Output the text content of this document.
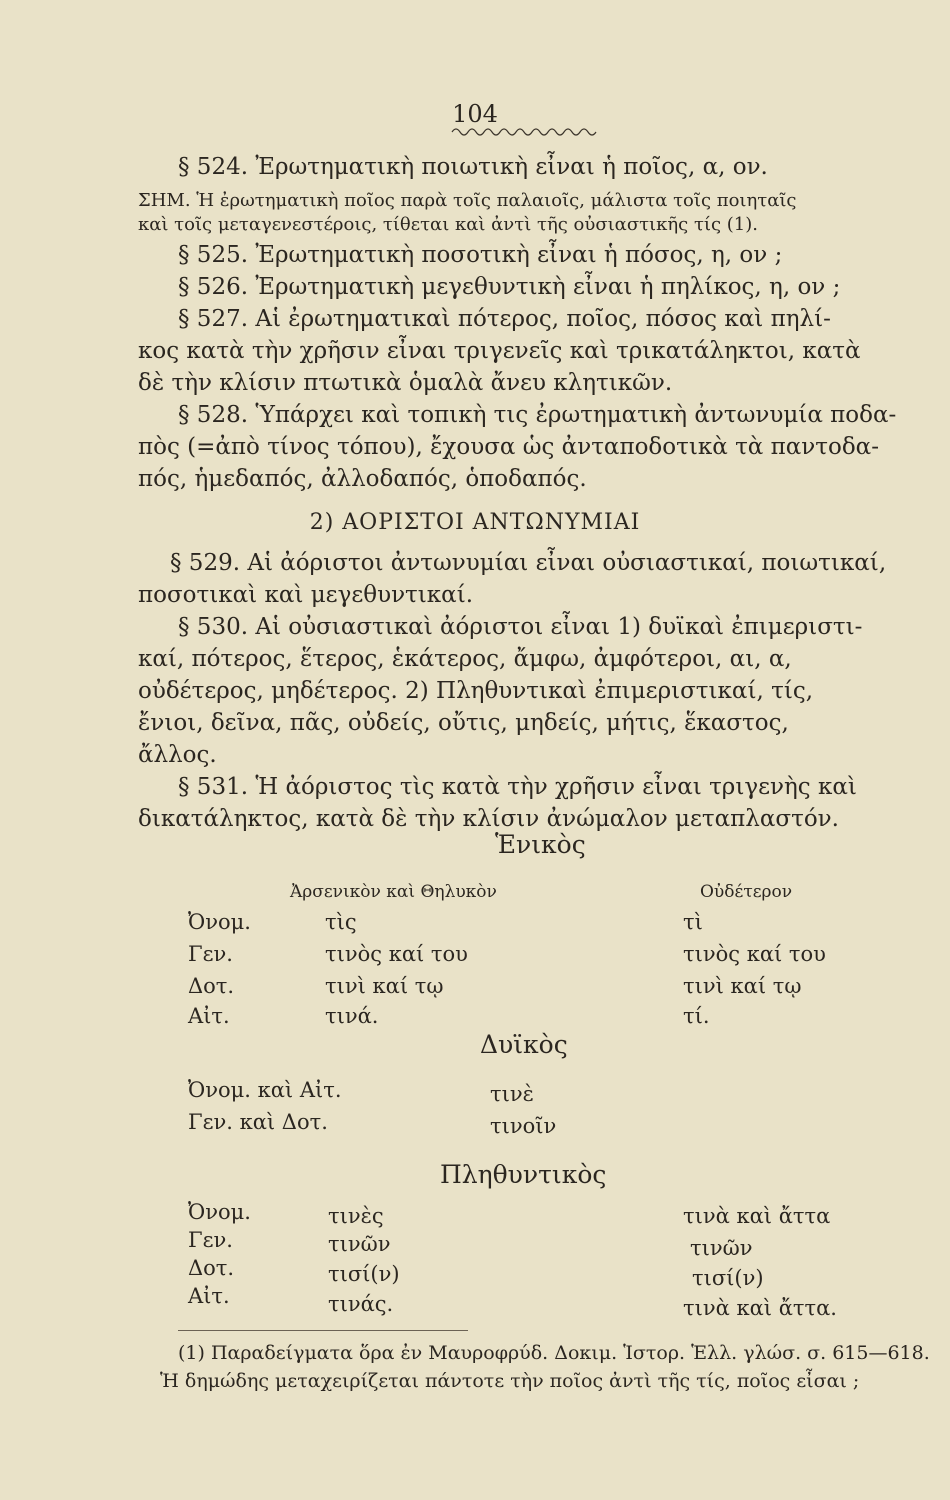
104
§ 524. Ἐρωτηματικὴ ποιωτικὴ εἶναι ἡ ποῖος, α, ον.
ΣΗΜ. Ἡ ἐρωτηματικὴ ποῖος παρὰ τοῖς παλαιοῖς, μάλιστα τοῖς ποιηταῖς
καὶ τοῖς μεταγενεστέροις, τίθεται καὶ ἀντὶ τῆς οὐσιαστικῆς τίς (1).
§ 525. Ἐρωτηματικὴ ποσοτικὴ εἶναι ἡ πόσος, η, ον ;
§ 526. Ἐρωτηματικὴ μεγεθυντικὴ εἶναι ἡ πηλίκος, η, ον ;
§ 527. Αἱ ἐρωτηματικαὶ πότερος, ποῖος, πόσος καὶ πηλί-
κος κατὰ τὴν χρῆσιν εἶναι τριγενεῖς καὶ τρικατάληκτοι, κατὰ
δὲ τὴν κλίσιν πτωτικὰ ὁμαλὰ ἄνευ κλητικῶν.
§ 528. Ὑπάρχει καὶ τοπικὴ τις ἐρωτηματικὴ ἀντωνυμία ποδα-
πὸς (=ἀπὸ τίνος τόπου), ἔχουσα ὡς ἀνταποδοτικὰ τὰ παντοδα-
πός, ἡμεδαπός, ἀλλοδαπός, ὁποδαπός.
2) ΑΟΡΙΣΤΟΙ ΑΝΤΩΝΥΜΙΑΙ
§ 529. Αἱ ἀόριστοι ἀντωνυμίαι εἶναι οὐσιαστικαί, ποιωτικαί,
ποσοτικαὶ καὶ μεγεθυντικαί.
§ 530. Αἱ οὐσιαστικαὶ ἀόριστοι εἶναι 1) δυϊκαὶ ἐπιμεριστι-
καί, πότερος, ἕτερος, ἑκάτερος, ἄμφω, ἀμφότεροι, αι, α,
οὐδέτερος, μηδέτερος. 2) Πληθυντικαὶ ἐπιμεριστικαί, τίς,
ἔνιοι, δεῖνα, πᾶς, οὐδείς, οὔτις, μηδείς, μήτις, ἕκαστος,
ἄλλος.
§ 531. Ἡ ἀόριστος τὶς κατὰ τὴν χρῆσιν εἶναι τριγενὴς καὶ
δικατάληκτος, κατὰ δὲ τὴν κλίσιν ἀνώμαλον μεταπλαστόν.
Ἑνικὸς
Ἀρσενικὸν καὶ Θηλυκὸν	Οὐδέτερον
Ὀνομ.	τὶς	τὶ
Γεν.	τινὸς καί του	τινὸς καί του
Δοτ.	τινὶ καί τῳ	τινὶ καί τῳ
Αἰτ.	τινά.	τί.
Δυϊκὸς
Ὀνομ. καὶ Αἰτ.	τινὲ
Γεν. καὶ Δοτ.	τινοῖν
Πληθυντικὸς
Ὀνομ.	τινὲς	τινὰ καὶ ἄττα
Γεν.	τινῶν	τινῶν
Δοτ.	τισί(ν)	τισί(ν)
Αἰτ.	τινάς.	τινὰ καὶ ἄττα.
(1) Παραδείγματα ὅρα ἐν Μαυροφρύδ. Δοκιμ. Ἱστορ. Ἑλλ. γλώσ. σ. 615—618.
Ἡ δημώδης μεταχειρίζεται πάντοτε τὴν ποῖος ἀντὶ τῆς τίς, ποῖος εἶσαι ;
